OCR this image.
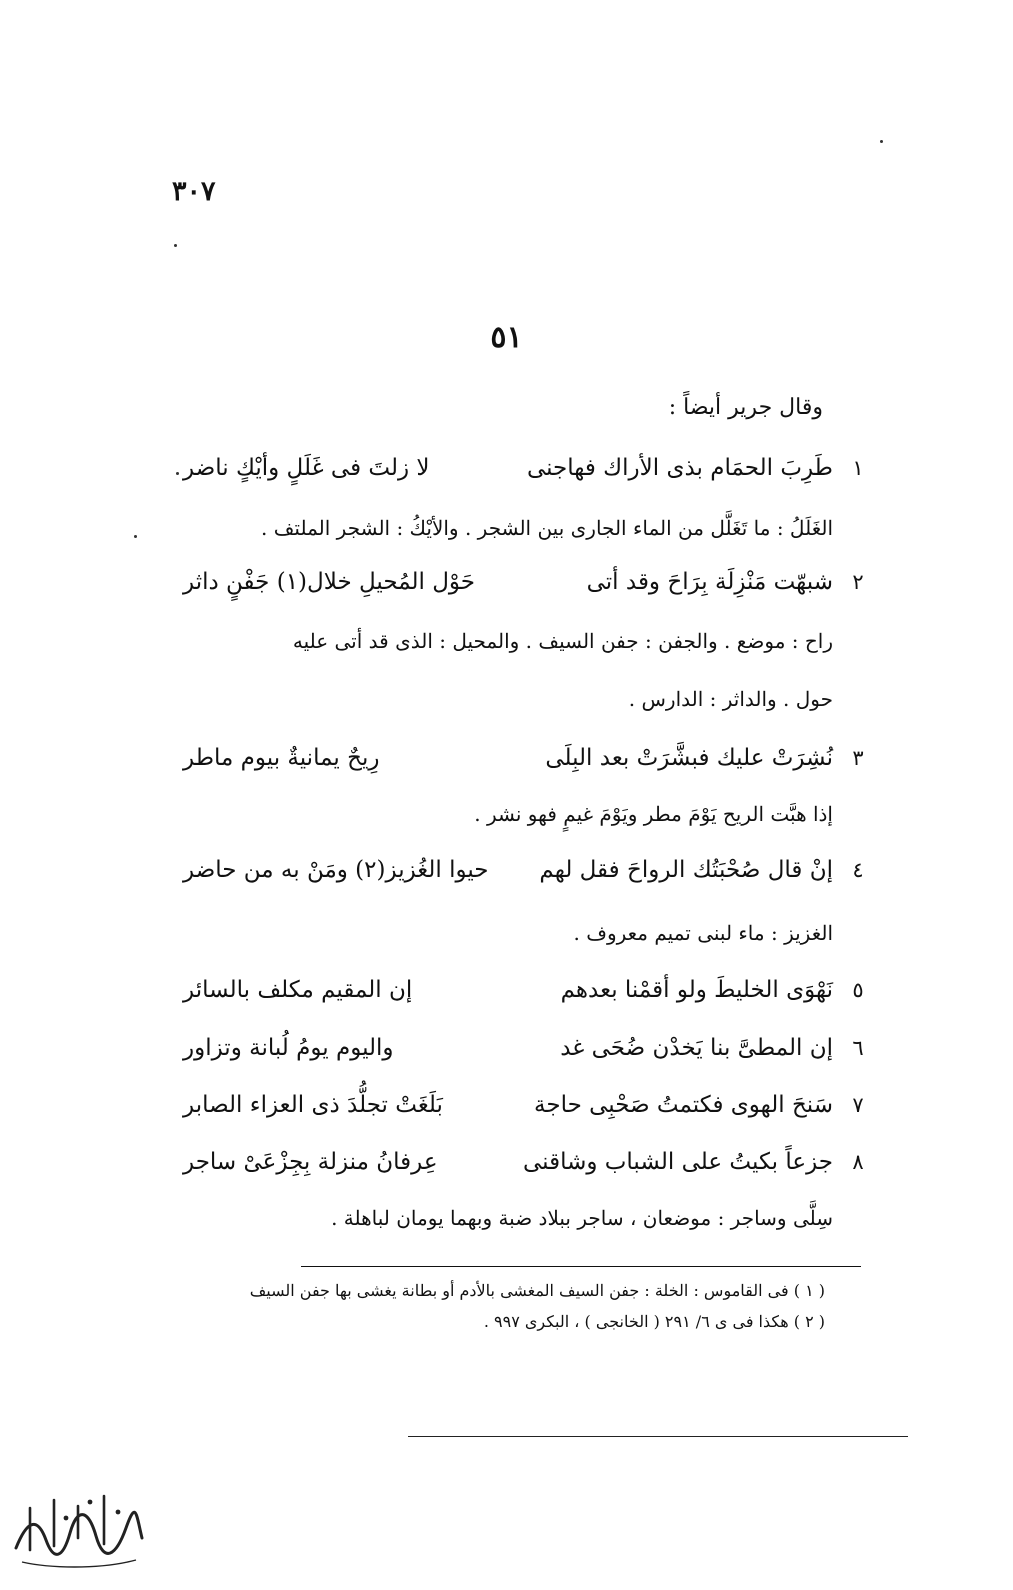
٣٠٧
٥١
وقال جرير أيضاً :
١
طَرِبَ الحمَام بذى الأراك فهاجنى
لا زلتَ فى غَلَلٍ وأيْكٍ ناضر
الغَلَلُ : ما تَغَلَّل من الماء الجارى بين الشجر . والأيْكُ : الشجر الملتف .
٢
شبهّت مَنْزِلَة بِرَاحَ وقد أتى
حَوْل المُحيلِ خلال(١) جَفْنٍ داثر
راح : موضع . والجفن : جفن السيف . والمحيل : الذى قد أتى عليه
حول . والداثر : الدارس .
٣
نُشِرَتْ عليك فبشَّرَتْ بعد البِلَى
رِيحٌ يمانيةٌ بيوم ماطر
إذا هبَّت الريح يَوْمَ مطر ويَوْمَ غيمٍ فهو نشر .
٤
إنْ قال صُحْبَتُك الرواحَ فقل لهم
حيوا الغُزيز(٢) ومَنْ به من حاضر
الغزيز : ماء لبنى تميم معروف .
٥
نَهْوَى الخليطَ ولو أقمْنا بعدهم
إن المقيم مكلف بالسائر
٦
إن المطىَّ بنا يَخدْن ضُحَى غد
واليوم يومُ لُبانة وتزاور
٧
سَنحَ الهوى فكتمتُ صَحْبِى حاجة
بَلَغَتْ تجلُّدَ ذى العزاء الصابر
٨
جزعاً بكيتُ على الشباب وشاقنى
عِرفانُ منزلة بِجِزْعَىْ ساجر
سِلَّى وساجر : موضعان ، ساجر ببلاد ضبة وبهما يومان لباهلة .
( ١ ) فى القاموس : الخلة : جفن السيف المغشى بالأدم أو بطانة يغشى بها جفن السيف
( ٢ ) هكذا فى ى ٦/ ٢٩١ ( الخانجى ) ، البكرى ٩٩٧ .
